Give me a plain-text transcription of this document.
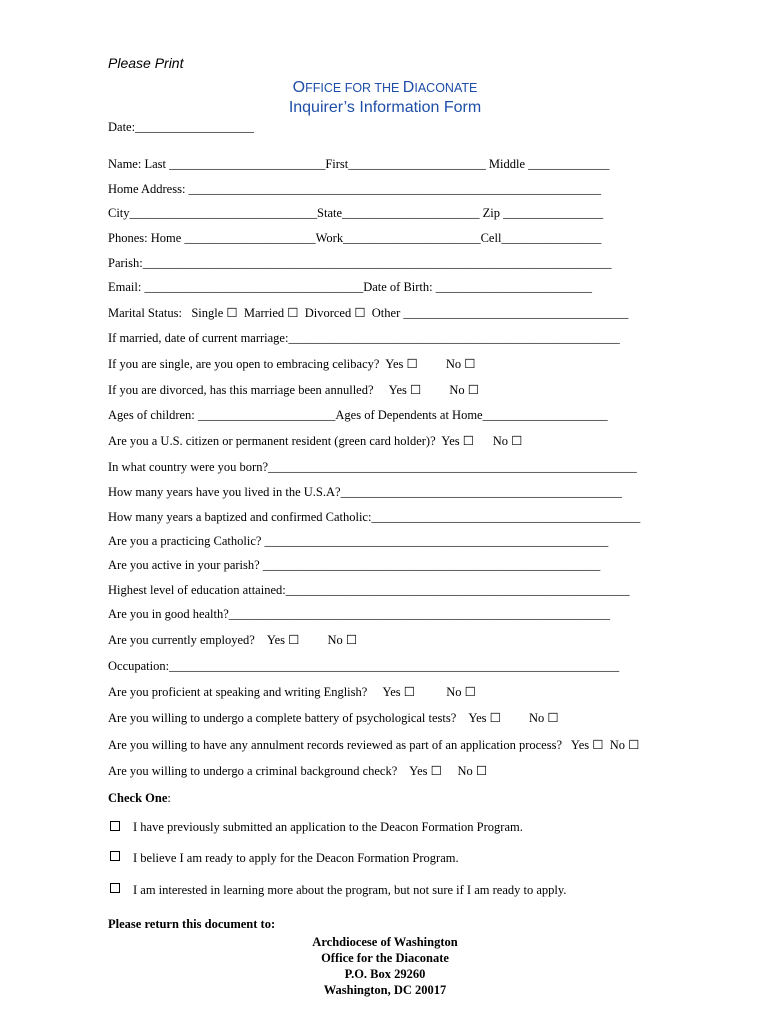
Please Print
OFFICE FOR THE DIACONATE
Inquirer’s Information Form
Date:___________________
Name: Last _________________________First______________________ Middle _____________
Home Address: __________________________________________________________________
City______________________________State______________________ Zip ________________
Phones: Home _____________________Work______________________Cell________________
Parish:___________________________________________________________________________
Email: ___________________________________Date of Birth: _________________________
Marital Status:   Single ☐  Married ☐  Divorced ☐  Other ____________________________________
If married, date of current marriage:_____________________________________________________
If you are single, are you open to embracing celibacy?  Yes ☐         No ☐
If you are divorced, has this marriage been annulled?     Yes ☐         No ☐
Ages of children: ______________________Ages of Dependents at Home____________________
Are you a U.S. citizen or permanent resident (green card holder)?  Yes ☐      No ☐
In what country were you born?___________________________________________________________
How many years have you lived in the U.S.A?_____________________________________________
How many years a baptized and confirmed Catholic:___________________________________________
Are you a practicing Catholic? _______________________________________________________
Are you active in your parish? ______________________________________________________
Highest level of education attained:_______________________________________________________
Are you in good health?_____________________________________________________________
Are you currently employed?    Yes ☐         No ☐
Occupation:________________________________________________________________________
Are you proficient at speaking and writing English?     Yes ☐          No ☐
Are you willing to undergo a complete battery of psychological tests?    Yes ☐         No ☐
Are you willing to have any annulment records reviewed as part of an application process?   Yes ☐  No ☐
Are you willing to undergo a criminal background check?    Yes ☐     No ☐
Check One:
I have previously submitted an application to the Deacon Formation Program.
I believe I am ready to apply for the Deacon Formation Program.
I am interested in learning more about the program, but not sure if I am ready to apply.
Please return this document to:
Archdiocese of Washington
Office for the Diaconate
P.O. Box 29260
Washington, DC 20017
